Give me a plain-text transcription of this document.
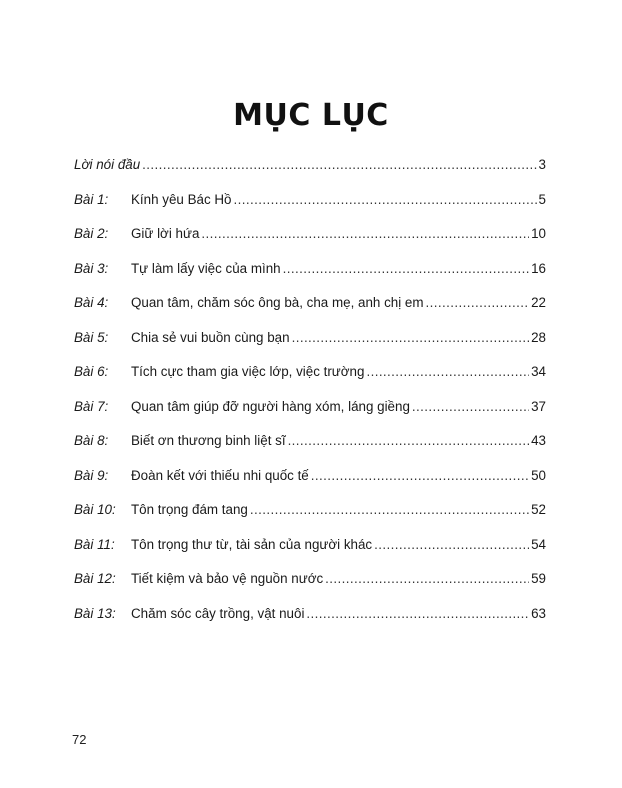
MỤC LỤC
Lời nói đầu .....	3
Bài 1:	Kính yêu Bác Hồ .....	5
Bài 2:	Giữ lời hứa .....	10
Bài 3:	Tự làm lấy việc của mình .....	16
Bài 4:	Quan tâm, chăm sóc ông bà, cha mẹ, anh chị em .....	22
Bài 5:	Chia sẻ vui buồn cùng bạn .....	28
Bài 6:	Tích cực tham gia việc lớp, việc trường .....	34
Bài 7:	Quan tâm giúp đỡ người hàng xóm, láng giềng .....	37
Bài 8:	Biết ơn thương binh liệt sĩ .....	43
Bài 9:	Đoàn kết với thiếu nhi quốc tế .....	50
Bài 10:	Tôn trọng đám tang .....	52
Bài 11:	Tôn trọng thư từ, tài sản của người khác .....	54
Bài 12:	Tiết kiệm và bảo vệ nguồn nước .....	59
Bài 13:	Chăm sóc cây trồng, vật nuôi .....	63
72
